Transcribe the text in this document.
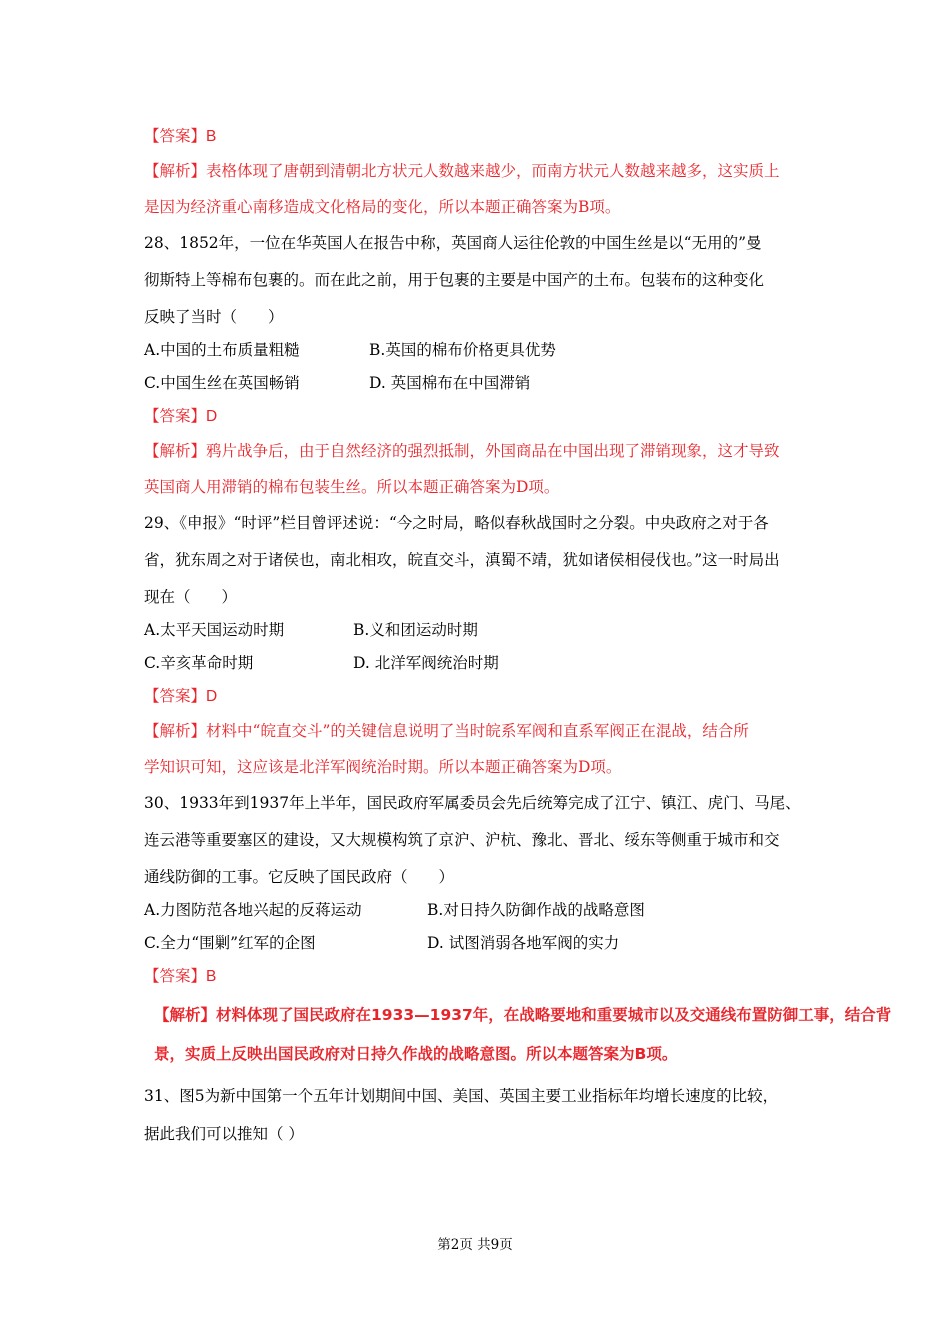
【答案】B
【解析】表格体现了唐朝到清朝北方状元人数越来越少，而南方状元人数越来越多，这实质上
是因为经济重心南移造成文化格局的变化，所以本题正确答案为B项。
28、1852年，一位在华英国人在报告中称，英国商人运往伦敦的中国生丝是以“无用的”曼
彻斯特上等棉布包裹的。而在此之前，用于包裹的主要是中国产的土布。包装布的这种变化
反映了当时（　　）
A.中国的土布质量粗糙	B.英国的棉布价格更具优势
C.中国生丝在英国畅销	D. 英国棉布在中国滞销
【答案】D
【解析】鸦片战争后，由于自然经济的强烈抵制，外国商品在中国出现了滞销现象，这才导致
英国商人用滞销的棉布包装生丝。所以本题正确答案为D项。
29、《申报》“时评”栏目曾评述说：“今之时局，略似春秋战国时之分裂。中央政府之对于各
省，犹东周之对于诸侯也，南北相攻，皖直交斗，滇蜀不靖，犹如诸侯相侵伐也。”这一时局出
现在（　　）
A.太平天国运动时期	B.义和团运动时期
C.辛亥革命时期	D. 北洋军阀统治时期
【答案】D
【解析】材料中“皖直交斗”的关键信息说明了当时皖系军阀和直系军阀正在混战，结合所
学知识可知，这应该是北洋军阀统治时期。所以本题正确答案为D项。
30、1933年到1937年上半年，国民政府军属委员会先后统筹完成了江宁、镇江、虎门、马尾、
连云港等重要塞区的建设，又大规模构筑了京沪、沪杭、豫北、晋北、绥东等侧重于城市和交
通线防御的工事。它反映了国民政府（　　）
A.力图防范各地兴起的反蒋运动	B.对日持久防御作战的战略意图
C.全力“围剿”红军的企图	D. 试图消弱各地军阀的实力
【答案】B
【解析】材料体现了国民政府在1933—1937年，在战略要地和重要城市以及交通线布置防御工事，结合背
景，实质上反映出国民政府对日持久作战的战略意图。所以本题答案为B项。
31、图5为新中国第一个五年计划期间中国、美国、英国主要工业指标年均增长速度的比较，
据此我们可以推知（ ）
第2页 共9页
